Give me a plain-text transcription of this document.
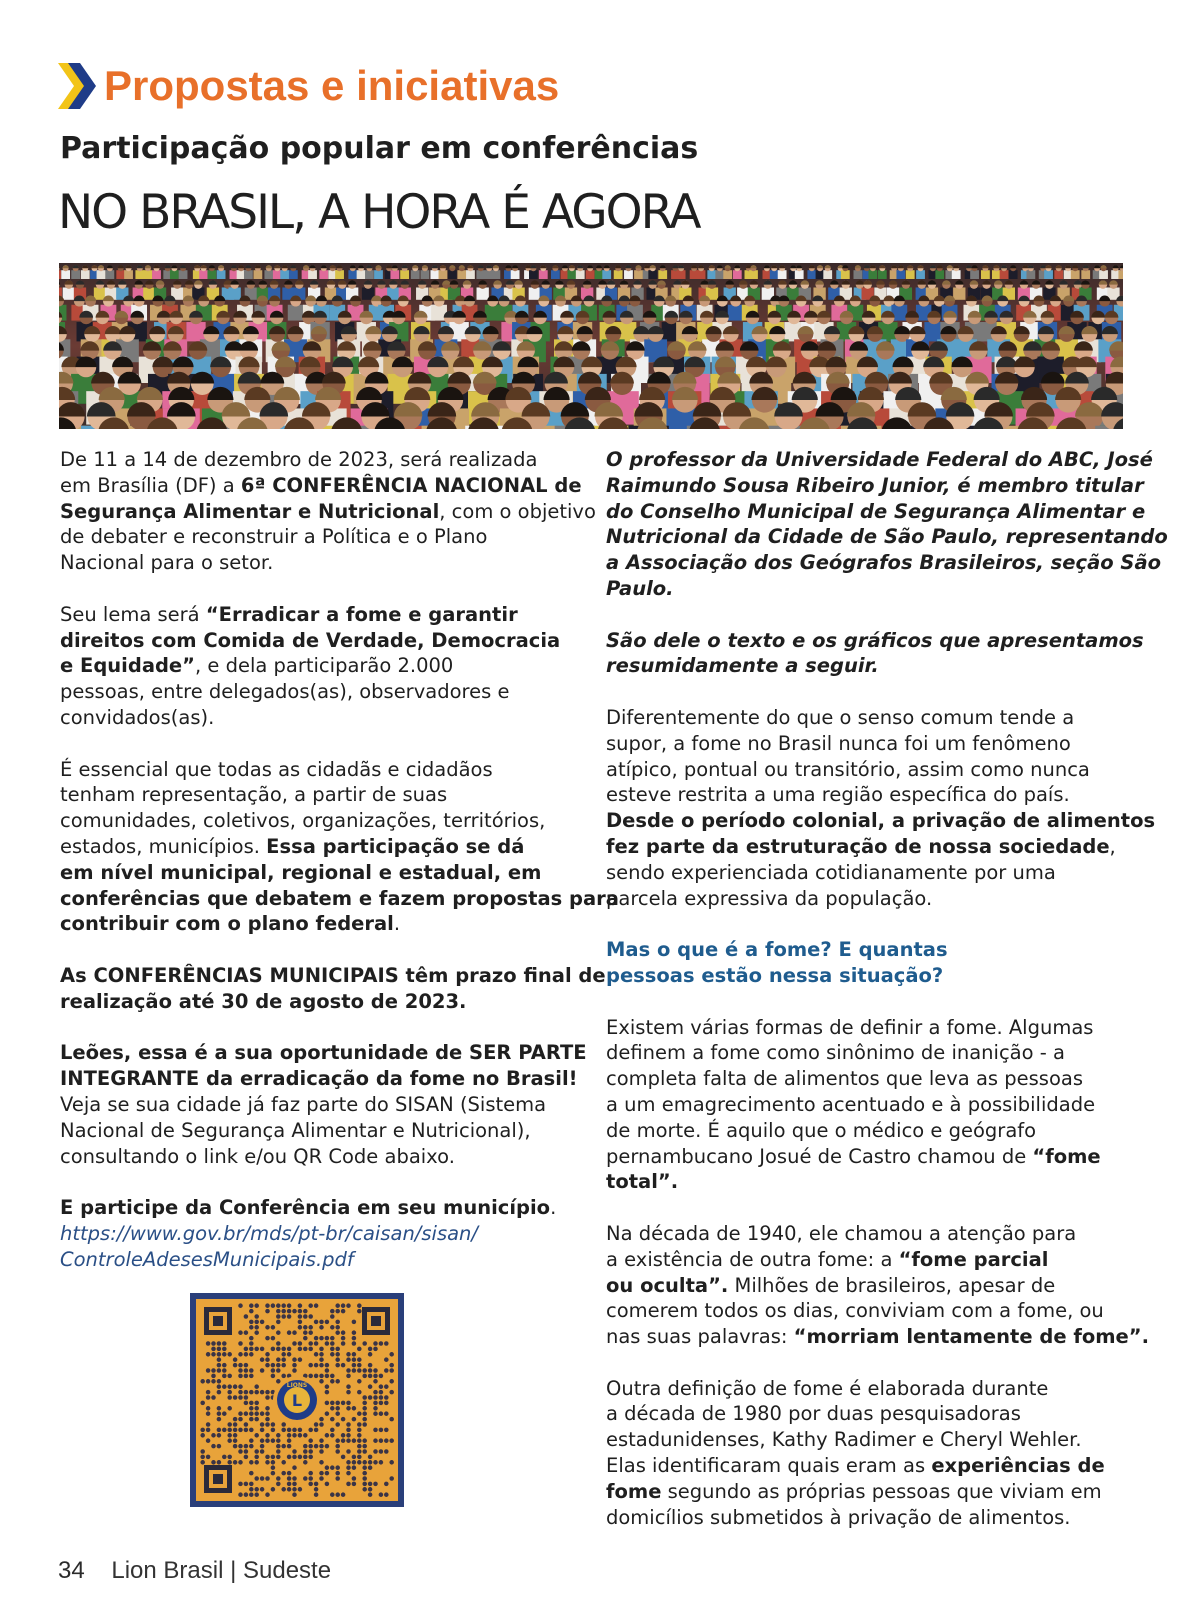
Propostas e iniciativas
Participação popular em conferências
NO BRASIL, A HORA É AGORA

De 11 a 14 de dezembro de 2023, será realizada
em Brasília (DF) a 6ª CONFERÊNCIA NACIONAL de
Segurança Alimentar e Nutricional, com o objetivo
de debater e reconstruir a Política e o Plano
Nacional para o setor.

Seu lema será “Erradicar a fome e garantir
direitos com Comida de Verdade, Democracia
e Equidade”, e dela participarão 2.000
pessoas, entre delegados(as), observadores e
convidados(as).

É essencial que todas as cidadãs e cidadãos
tenham representação, a partir de suas
comunidades, coletivos, organizações, territórios,
estados, municípios. Essa participação se dá
em nível municipal, regional e estadual, em
conferências que debatem e fazem propostas para
contribuir com o plano federal.

As CONFERÊNCIAS MUNICIPAIS têm prazo final de
realização até 30 de agosto de 2023.

Leões, essa é a sua oportunidade de SER PARTE
INTEGRANTE da erradicação da fome no Brasil!
Veja se sua cidade já faz parte do SISAN (Sistema
Nacional de Segurança Alimentar e Nutricional),
consultando o link e/ou QR Code abaixo.

E participe da Conferência em seu município.
https://www.gov.br/mds/pt-br/caisan/sisan/
ControleAdesesMunicipais.pdf

L
LIONS

O professor da Universidade Federal do ABC, José
Raimundo Sousa Ribeiro Junior, é membro titular
do Conselho Municipal de Segurança Alimentar e
Nutricional da Cidade de São Paulo, representando
a Associação dos Geógrafos Brasileiros, seção São
Paulo.

São dele o texto e os gráficos que apresentamos
resumidamente a seguir.

Diferentemente do que o senso comum tende a
supor, a fome no Brasil nunca foi um fenômeno
atípico, pontual ou transitório, assim como nunca
esteve restrita a uma região específica do país.
Desde o período colonial, a privação de alimentos
fez parte da estruturação de nossa sociedade,
sendo experienciada cotidianamente por uma
parcela expressiva da população.

Mas o que é a fome? E quantas
pessoas estão nessa situação?

Existem várias formas de definir a fome. Algumas
definem a fome como sinônimo de inanição - a
completa falta de alimentos que leva as pessoas
a um emagrecimento acentuado e à possibilidade
de morte. É aquilo que o médico e geógrafo
pernambucano Josué de Castro chamou de “fome
total”.

Na década de 1940, ele chamou a atenção para
a existência de outra fome: a “fome parcial
ou oculta”. Milhões de brasileiros, apesar de
comerem todos os dias, conviviam com a fome, ou
nas suas palavras: “morriam lentamente de fome”.

Outra definição de fome é elaborada durante
a década de 1980 por duas pesquisadoras
estadunidenses, Kathy Radimer e Cheryl Wehler.
Elas identificaram quais eram as experiências de
fome segundo as próprias pessoas que viviam em
domicílios submetidos à privação de alimentos.

34 Lion Brasil | Sudeste
